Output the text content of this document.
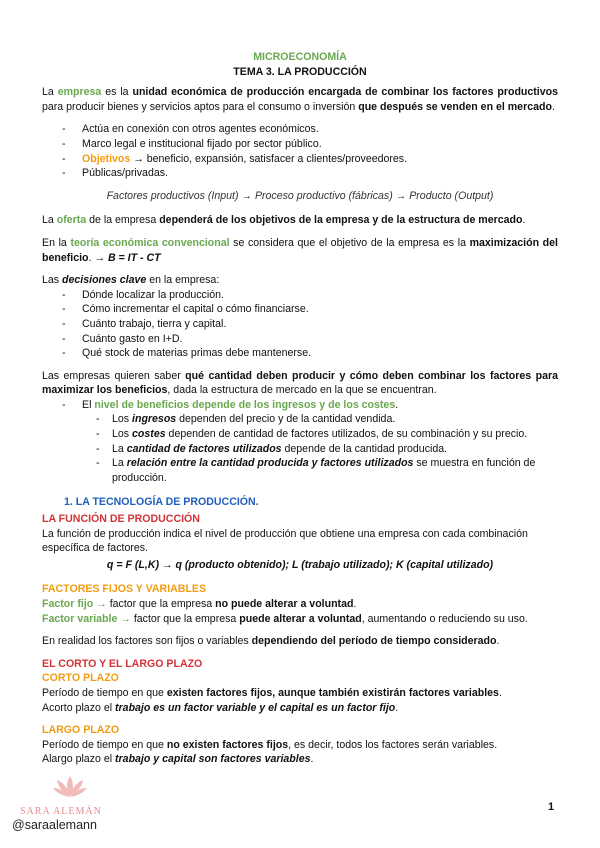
MICROECONOMÍA
TEMA 3. LA PRODUCCIÓN

La empresa es la unidad económica de producción encargada de combinar los factores productivos para producir bienes y servicios aptos para el consumo o inversión que después se venden en el mercado.

- Actúa en conexión con otros agentes económicos.
- Marco legal e institucional fijado por sector público.
- Objetivos → beneficio, expansión, satisfacer a clientes/proveedores.
- Públicas/privadas.
Factores productivos (Input) → Proceso productivo (fábricas) → Producto (Output)

La oferta de la empresa dependerá de los objetivos de la empresa y de la estructura de mercado.

En la teoría económica convencional se considera que el objetivo de la empresa es la maximización del beneficio. → B = IT - CT

Las decisiones clave en la empresa:

- Dónde localizar la producción.
- Cómo incrementar el capital o cómo financiarse.
- Cuánto trabajo, tierra y capital.
- Cuánto gasto en I+D.
- Qué stock de materias primas debe mantenerse.

Las empresas quieren saber qué cantidad deben producir y cómo deben combinar los factores para maximizar los beneficios, dada la estructura de mercado en la que se encuentran.

- El nivel de beneficios depende de los ingresos y de los costes.
- Los ingresos dependen del precio y de la cantidad vendida.
- Los costes dependen de cantidad de factores utilizados, de su combinación y su precio.
- La cantidad de factores utilizados depende de la cantidad producida.
- La relación entre la cantidad producida y factores utilizados se muestra en función de producción.
1. LA TECNOLOGÍA DE PRODUCCIÓN.
LA FUNCIÓN DE PRODUCCIÓN

La función de producción indica el nivel de producción que obtiene una empresa con cada combinación específica de factores.

q = F (L,K) → q (producto obtenido); L (trabajo utilizado); K (capital utilizado)
FACTORES FIJOS Y VARIABLES
Factor fijo → factor que la empresa no puede alterar a voluntad.
Factor variable → factor que la empresa puede alterar a voluntad, aumentando o reduciendo su uso.

En realidad los factores son fijos o variables dependiendo del período de tiempo considerado.

EL CORTO Y EL LARGO PLAZO
CORTO PLAZO
Período de tiempo en que existen factores fijos, aunque también existirán factores variables.
Acorto plazo el trabajo es un factor variable y el capital es un factor fijo.
LARGO PLAZO
Período de tiempo en que no existen factores fijos, es decir, todos los factores serán variables.
Alargo plazo el trabajo y capital son factores variables.
SARA ALEMÁN
@saraalemann
1
